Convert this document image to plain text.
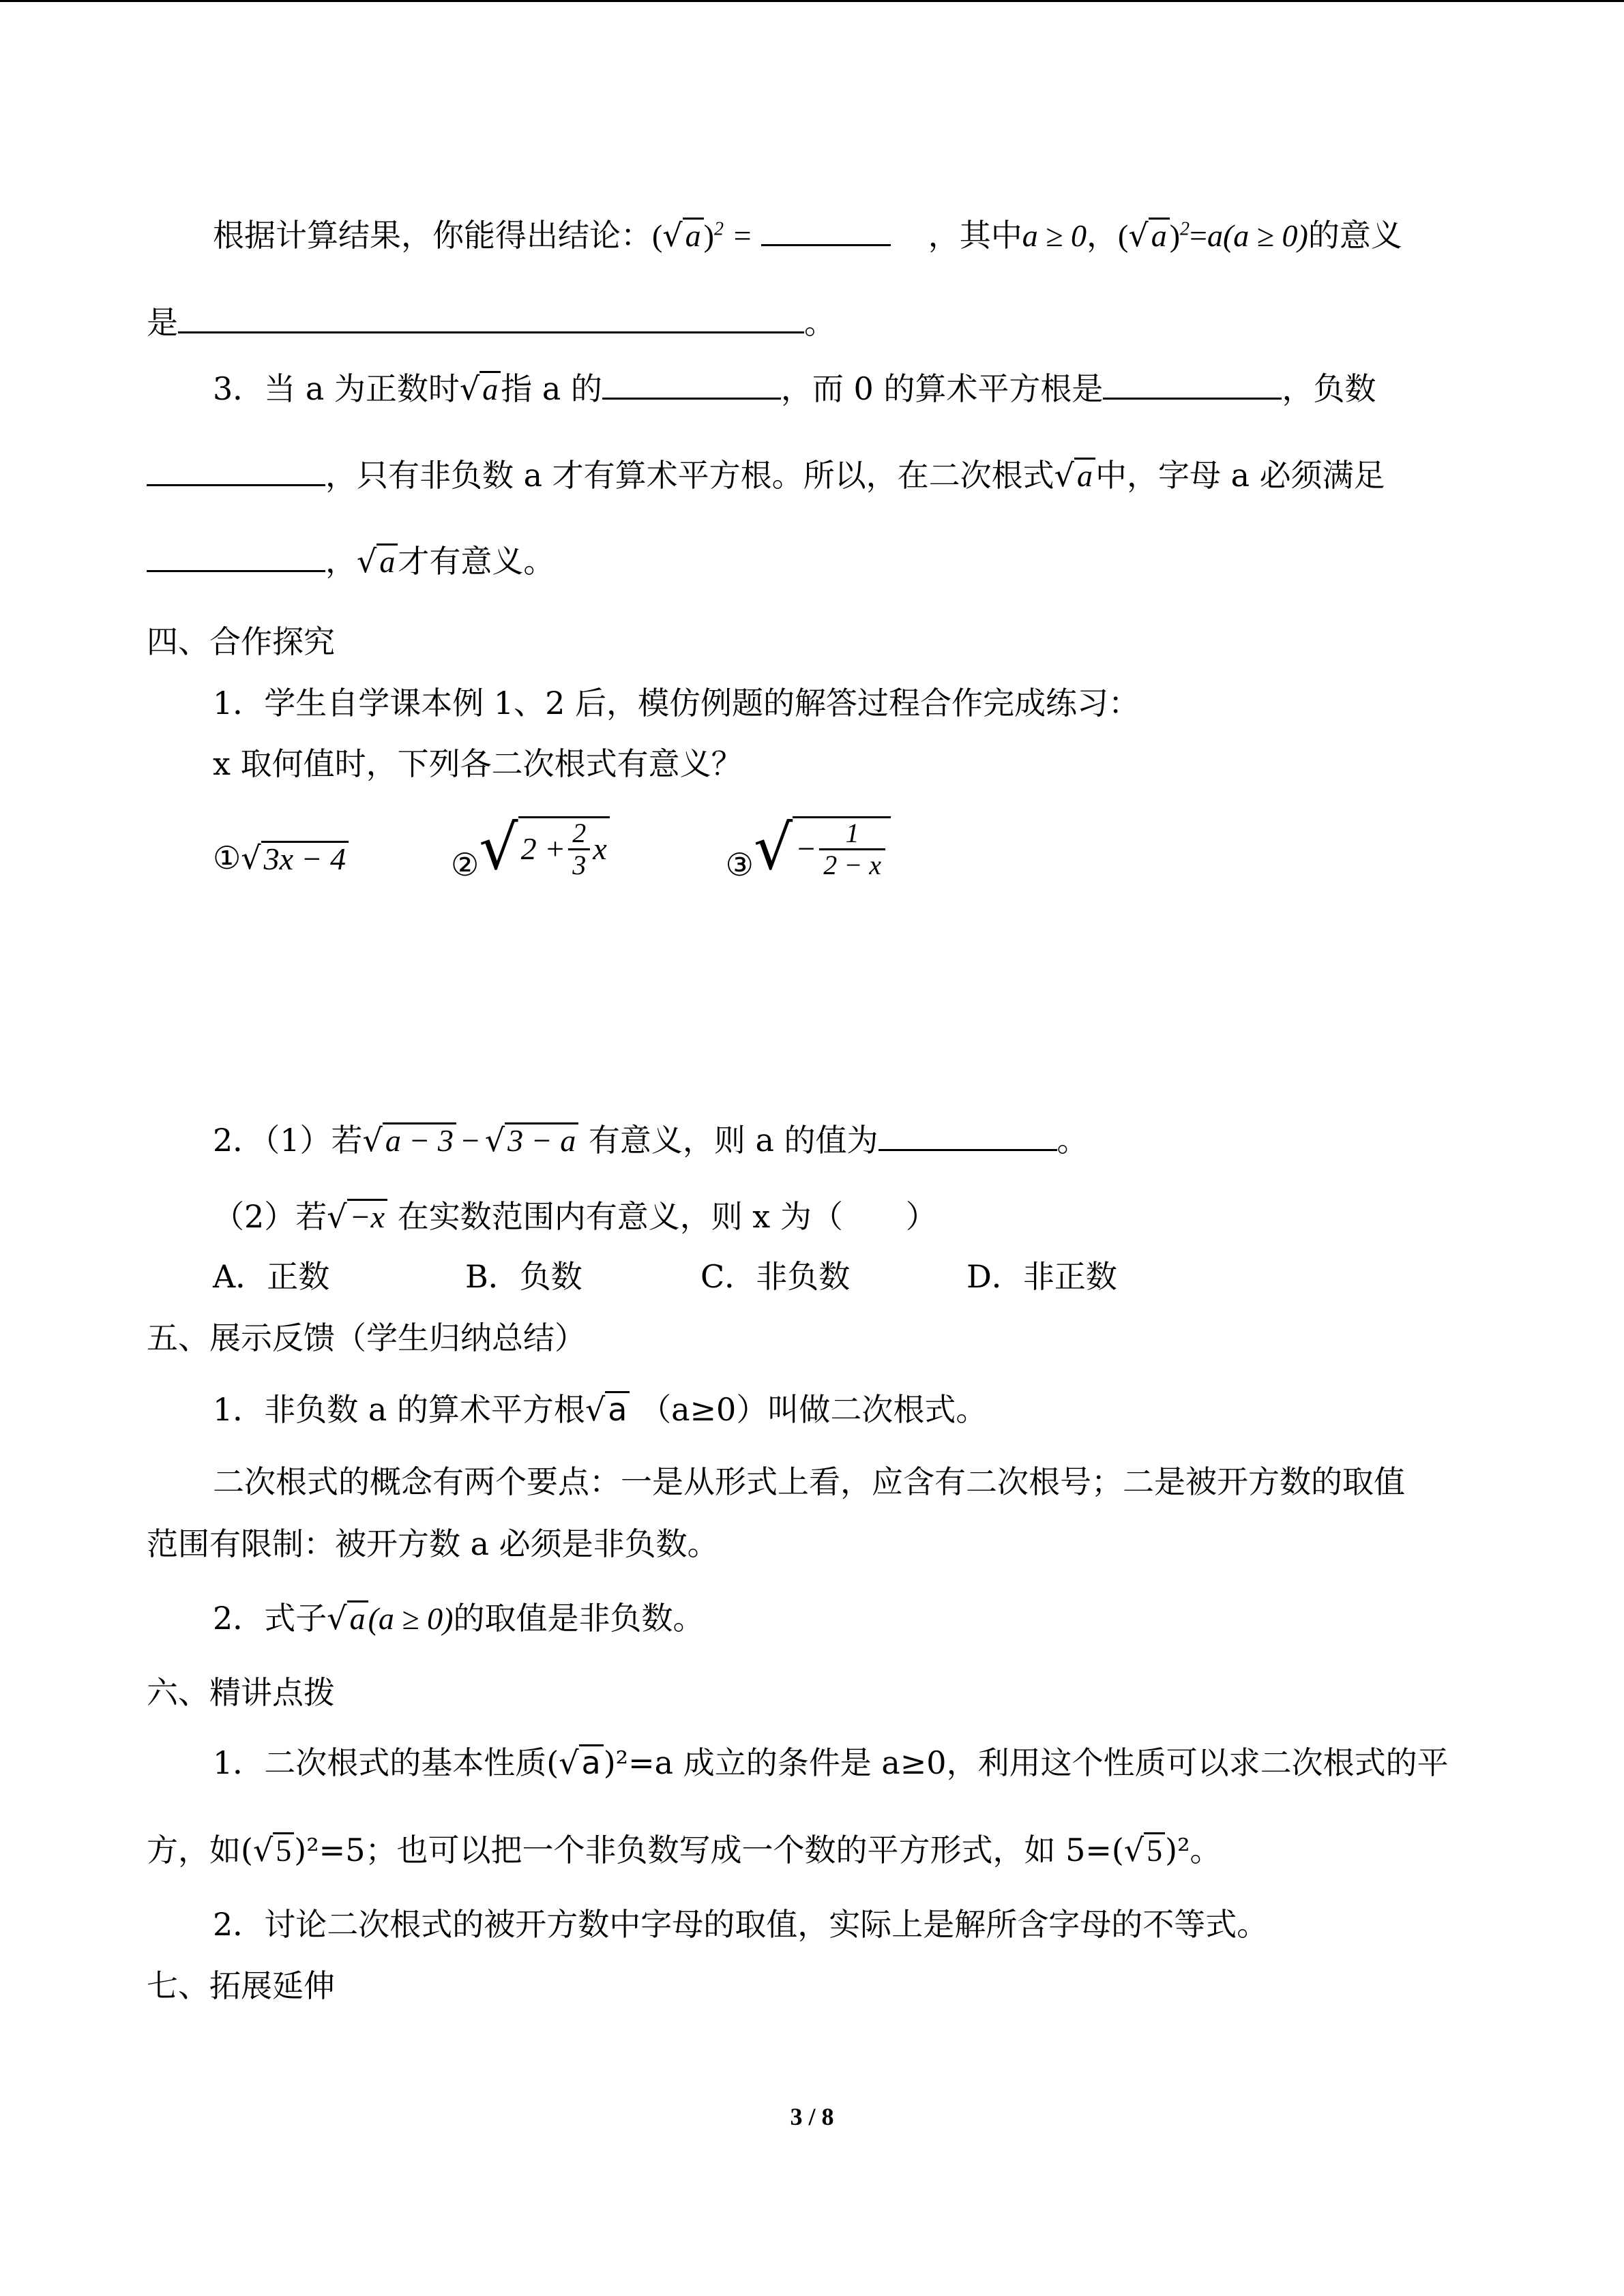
根据计算结果，你能得出结论：$(√a)^2$ =	，其中a ≥ 0，$(√a)^2=a(a \ge 0)$的意义
是	。
3．当 a 为正数时√a指 a 的	，而 0 的算术平方根是	，负数
，只有非负数 a 才有算术平方根。所以，在二次根式√a中，字母 a 必须满足
，√a才有意义。
四、合作探究
1．学生自学课本例 1、2 后，模仿例题的解答过程合作完成练习：
x 取何值时，下列各二次根式有意义？
① √ 3x − 4	② √ $2 + \frac{2}{3}$ x	③ √ − $\frac{1}{2 - x}$
2．（1）若√a − 3 − √3 − a 有意义，则 a 的值为	。
（2）若√−x 在实数范围内有意义，则 x 为（　　）
A．正数	B．负数	C．非负数	D．非正数
五、展示反馈（学生归纳总结）
1．非负数 a 的算术平方根√a （a≥0）叫做二次根式。
二次根式的概念有两个要点：一是从形式上看，应含有二次根号；二是被开方数的取值
范围有限制：被开方数 a 必须是非负数。
2．式子√a(a ≥ 0)的取值是非负数。
六、精讲点拨
1．二次根式的基本性质(√a)²=a 成立的条件是 a≥0，利用这个性质可以求二次根式的平
方，如(√5)²=5；也可以把一个非负数写成一个数的平方形式，如 5=(√5)²。
2．讨论二次根式的被开方数中字母的取值，实际上是解所含字母的不等式。
七、拓展延伸
3 / 8
